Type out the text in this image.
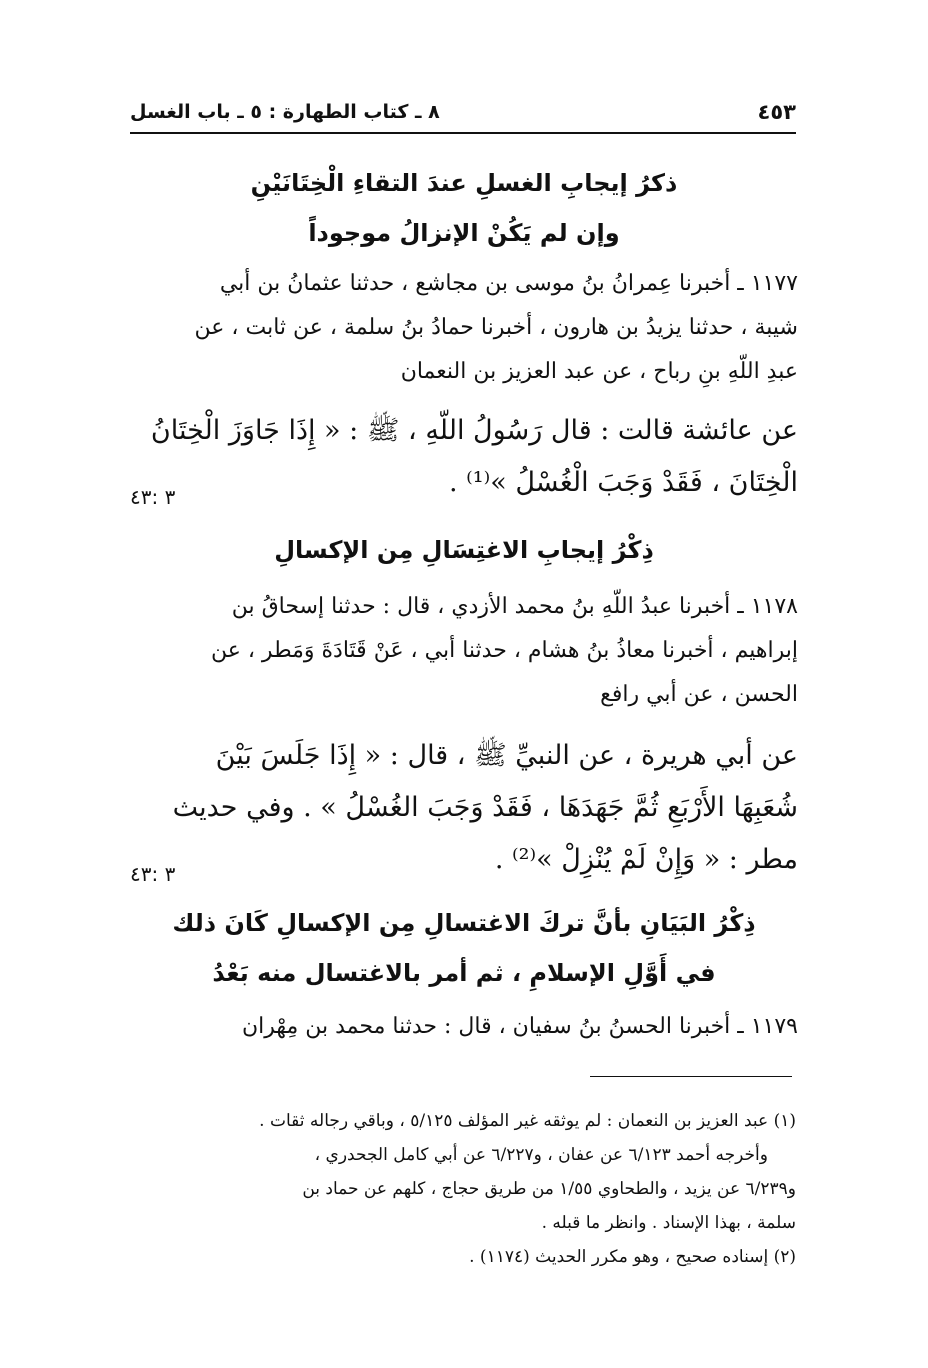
٨ ـ كتاب الطهارة : ٥ ـ باب الغسل	٤٥٣
ذكرُ إيجابِ الغسلِ عندَ التقاءِ الْخِتَانَيْنِ
وإن لم يَكُنْ الإنزالُ موجوداً
١١٧٧ ـ أخبرنا عِمرانُ بنُ موسى بن مجاشع ، حدثنا عثمانُ بن أبي
شيبة ، حدثنا يزيدُ بن هارون ، أخبرنا حمادُ بنُ سلمة ، عن ثابت ، عن
عبدِ اللّهِ بنِ رباح ، عن عبد العزيز بن النعمان
عن عائشة قالت : قال رَسُولُ اللّهِ ، ﷺ : « إِذَا جَاوَزَ الْخِتَانُ
الْخِتَانَ ، فَقَدْ وَجَبَ الْغُسْلُ »⁽¹⁾ .
٣ :٤٣
ذِكْرُ إيجابِ الاغتِسَالِ مِن الإكسالِ
١١٧٨ ـ أخبرنا عبدُ اللّهِ بنُ محمد الأزدي ، قال : حدثنا إسحاقُ بن
إبراهيم ، أخبرنا معاذُ بنُ هشام ، حدثنا أبي ، عَنْ قَتَادَةَ وَمَطر ، عن
الحسن ، عن أبي رافع
عن أبي هريرة ، عن النبيِّ ﷺ ، قال : « إِذَا جَلَسَ بَيْنَ
شُعَبِهَا الأَرْبَعِ ثُمَّ جَهَدَهَا ، فَقَدْ وَجَبَ الغُسْلُ » . وفي حديث
مطر : « وَإِنْ لَمْ يُنْزِلْ »⁽²⁾ .
٣ :٤٣
ذِكْرُ البَيَانِ بأنَّ تركَ الاغتسالِ مِن الإكسالِ كَانَ ذلك
في أَوَّلِ الإسلامِ ، ثم أمر بالاغتسال منه بَعْدُ
١١٧٩ ـ أخبرنا الحسنُ بنُ سفيان ، قال : حدثنا محمد بن مِهْران
(١) عبد العزيز بن النعمان : لم يوثقه غير المؤلف ٥/١٢٥ ، وباقي رجاله ثقات .
وأخرجه أحمد ٦/١٢٣ عن عفان ، و٦/٢٢٧ عن أبي كامل الجحدري ،
و٦/٢٣٩ عن يزيد ، والطحاوي ١/٥٥ من طريق حجاج ، كلهم عن حماد بن
سلمة ، بهذا الإسناد . وانظر ما قبله .
(٢) إسناده صحيح ، وهو مكرر الحديث (١١٧٤) .
